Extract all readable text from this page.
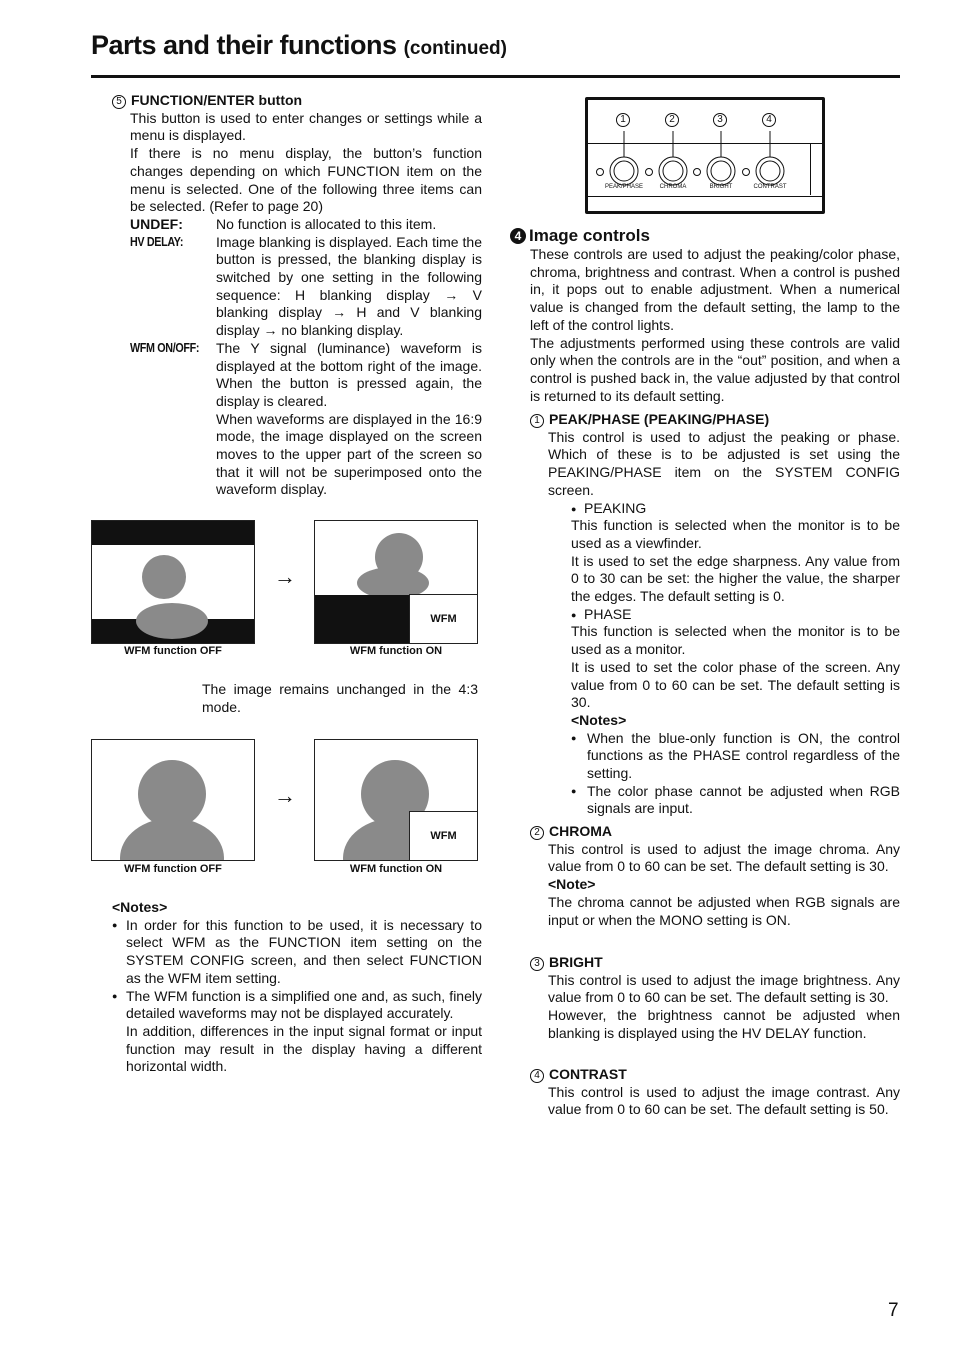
Parts and their functions (continued)
5 FUNCTION/ENTER button

This button is used to enter changes or settings while a menu is displayed.

If there is no menu display, the button’s function changes depending on which FUNCTION item on the menu is selected. One of the following three items can be selected. (Refer to page 20)

UNDEF: No function is allocated to this item.

HV DELAY: Image blanking is displayed. Each time the button is pressed, the blanking display is switched by one setting in the following sequence: H blanking display → V blanking display → H and V blanking display → no blanking display.

WFM ON/OFF: The Y signal (luminance) waveform is displayed at the bottom right of the image. When the button is pressed again, the display is cleared.

When waveforms are displayed in the 16:9 mode, the image displayed on the screen moves to the upper part of the screen so that it will not be superimposed onto the waveform display.

→
WFM
WFM function OFF	WFM function ON
The image remains unchanged in the 4:3 mode.
→
WFM
WFM function OFF	WFM function ON

<Notes>

● In order for this function to be used, it is necessary to select WFM as the FUNCTION item setting on the SYSTEM CONFIG screen, and then select FUNCTION as the WFM item setting.

● The WFM function is a simplified one and, as such, finely detailed waveforms may not be displayed accurately.

In addition, differences in the input signal format or input function may result in the display having a different horizontal width.

1	2	3	4
PEAK/PHASE	CHROMA	BRIGHT	CONTRAST
4 Image controls

These controls are used to adjust the peaking/color phase, chroma, brightness and contrast. When a control is pushed in, it pops out to enable adjustment. When a numerical value is changed from the default setting, the lamp to the left of the control lights.

The adjustments performed using these controls are valid only when the controls are in the “out” position, and when a control is pushed back in, the value adjusted by that control is returned to its default setting.

1 PEAK/PHASE (PEAKING/PHASE)

This control is used to adjust the peaking or phase. Which of these is to be adjusted is set using the PEAKING/PHASE item on the SYSTEM CONFIG screen.

● PEAKING

This function is selected when the monitor is to be used as a viewfinder.

It is used to set the edge sharpness. Any value from 0 to 30 can be set: the higher the value, the sharper the edges. The default setting is 0.

● PHASE

This function is selected when the monitor is to be used as a monitor.

It is used to set the color phase of the screen. Any value from 0 to 60 can be set. The default setting is 30.

<Notes>

● When the blue-only function is ON, the control functions as the PHASE control regardless of the setting.

● The color phase cannot be adjusted when RGB signals are input.

2 CHROMA

This control is used to adjust the image chroma. Any value from 0 to 60 can be set. The default setting is 30.

<Note>

The chroma cannot be adjusted when RGB signals are input or when the MONO setting is ON.

3 BRIGHT

This control is used to adjust the image brightness. Any value from 0 to 60 can be set. The default setting is 30.

However, the brightness cannot be adjusted when blanking is displayed using the HV DELAY function.

4 CONTRAST

This control is used to adjust the image contrast. Any value from 0 to 60 can be set. The default setting is 50.

7
